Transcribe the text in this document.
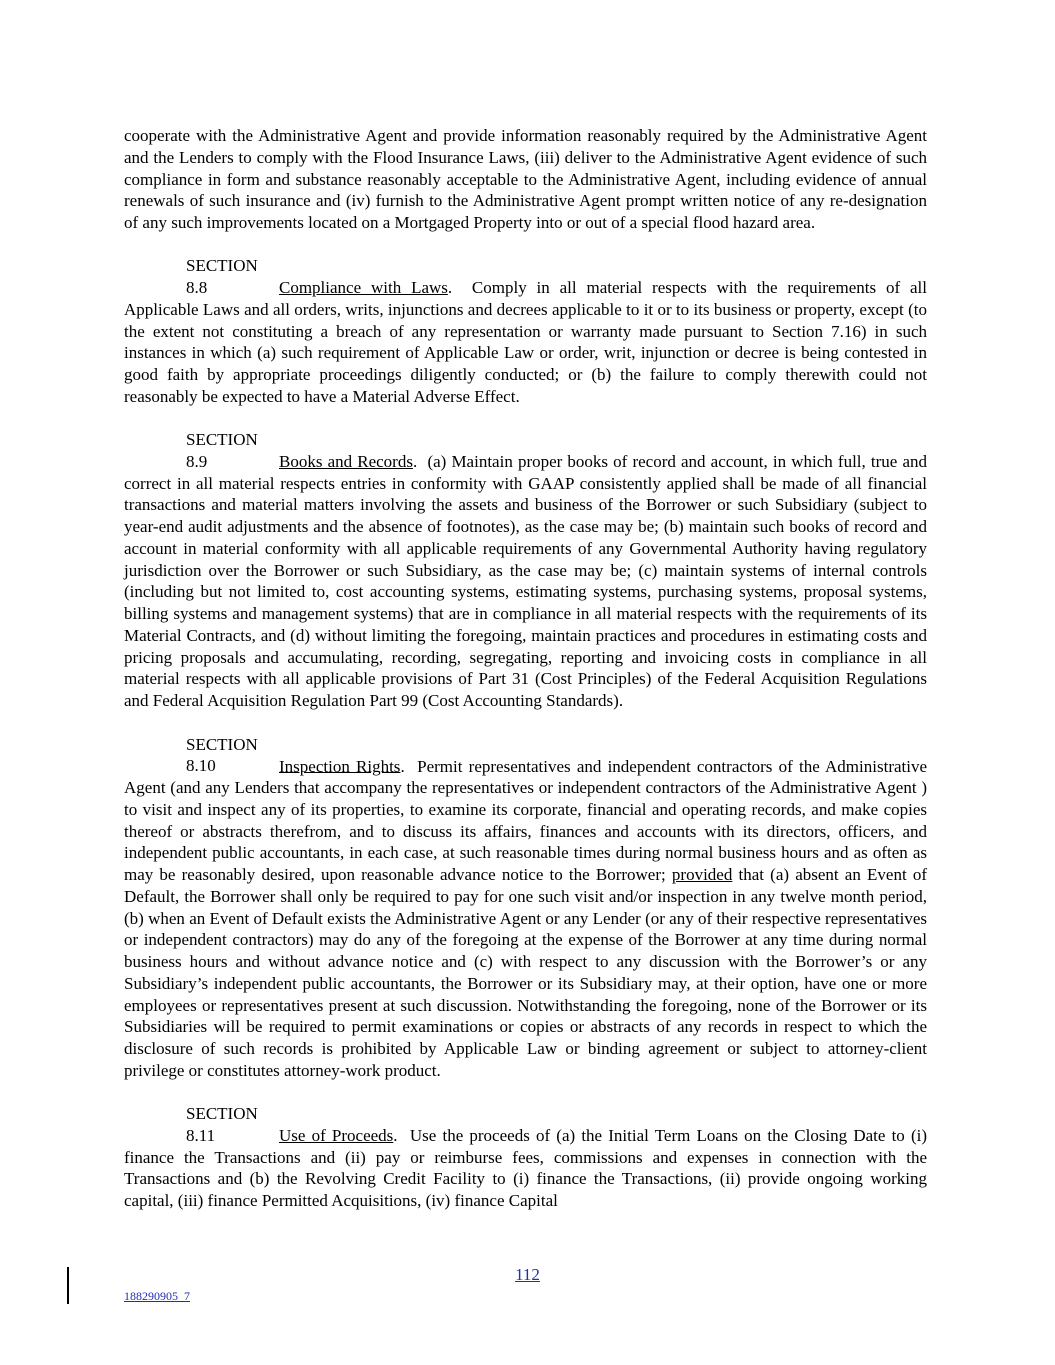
cooperate with the Administrative Agent and provide information reasonably required by the Administrative Agent and the Lenders to comply with the Flood Insurance Laws, (iii) deliver to the Administrative Agent evidence of such compliance in form and substance reasonably acceptable to the Administrative Agent, including evidence of annual renewals of such insurance and (iv) furnish to the Administrative Agent prompt written notice of any re-designation of any such improvements located on a Mortgaged Property into or out of a special flood hazard area.

SECTION 8.8	Compliance with Laws.  Comply in all material respects with the requirements of all Applicable Laws and all orders, writs, injunctions and decrees applicable to it or to its business or property, except (to the extent not constituting a breach of any representation or warranty made pursuant to Section 7.16) in such instances in which (a) such requirement of Applicable Law or order, writ, injunction or decree is being contested in good faith by appropriate proceedings diligently conducted; or (b) the failure to comply therewith could not reasonably be expected to have a Material Adverse Effect.

SECTION 8.9	Books and Records.  (a) Maintain proper books of record and account, in which full, true and correct in all material respects entries in conformity with GAAP consistently applied shall be made of all financial transactions and material matters involving the assets and business of the Borrower or such Subsidiary (subject to year-end audit adjustments and the absence of footnotes), as the case may be; (b) maintain such books of record and account in material conformity with all applicable requirements of any Governmental Authority having regulatory jurisdiction over the Borrower or such Subsidiary, as the case may be; (c) maintain systems of internal controls (including but not limited to, cost accounting systems, estimating systems, purchasing systems, proposal systems, billing systems and management systems) that are in compliance in all material respects with the requirements of its Material Contracts, and (d) without limiting the foregoing, maintain practices and procedures in estimating costs and pricing proposals and accumulating, recording, segregating, reporting and invoicing costs in compliance in all material respects with all applicable provisions of Part 31 (Cost Principles) of the Federal Acquisition Regulations and Federal Acquisition Regulation Part 99 (Cost Accounting Standards).

SECTION 8.10	Inspection Rights.  Permit representatives and independent contractors of the Administrative Agent (and any Lenders that accompany the representatives or independent contractors of the Administrative Agent ) to visit and inspect any of its properties, to examine its corporate, financial and operating records, and make copies thereof or abstracts therefrom, and to discuss its affairs, finances and accounts with its directors, officers, and independent public accountants, in each case, at such reasonable times during normal business hours and as often as may be reasonably desired, upon reasonable advance notice to the Borrower; provided that (a) absent an Event of Default, the Borrower shall only be required to pay for one such visit and/or inspection in any twelve month period, (b) when an Event of Default exists the Administrative Agent or any Lender (or any of their respective representatives or independent contractors) may do any of the foregoing at the expense of the Borrower at any time during normal business hours and without advance notice and (c) with respect to any discussion with the Borrower’s or any Subsidiary’s independent public accountants, the Borrower or its Subsidiary may, at their option, have one or more employees or representatives present at such discussion. Notwithstanding the foregoing, none of the Borrower or its Subsidiaries will be required to permit examinations or copies or abstracts of any records in respect to which the disclosure of such records is prohibited by Applicable Law or binding agreement or subject to attorney-client privilege or constitutes attorney-work product.

SECTION 8.11	Use of Proceeds.  Use the proceeds of (a) the Initial Term Loans on the Closing Date to (i) finance the Transactions and (ii) pay or reimburse fees, commissions and expenses in connection with the Transactions and (b) the Revolving Credit Facility to (i) finance the Transactions, (ii) provide ongoing working capital, (iii) finance Permitted Acquisitions, (iv) finance Capital

112
188290905_7
